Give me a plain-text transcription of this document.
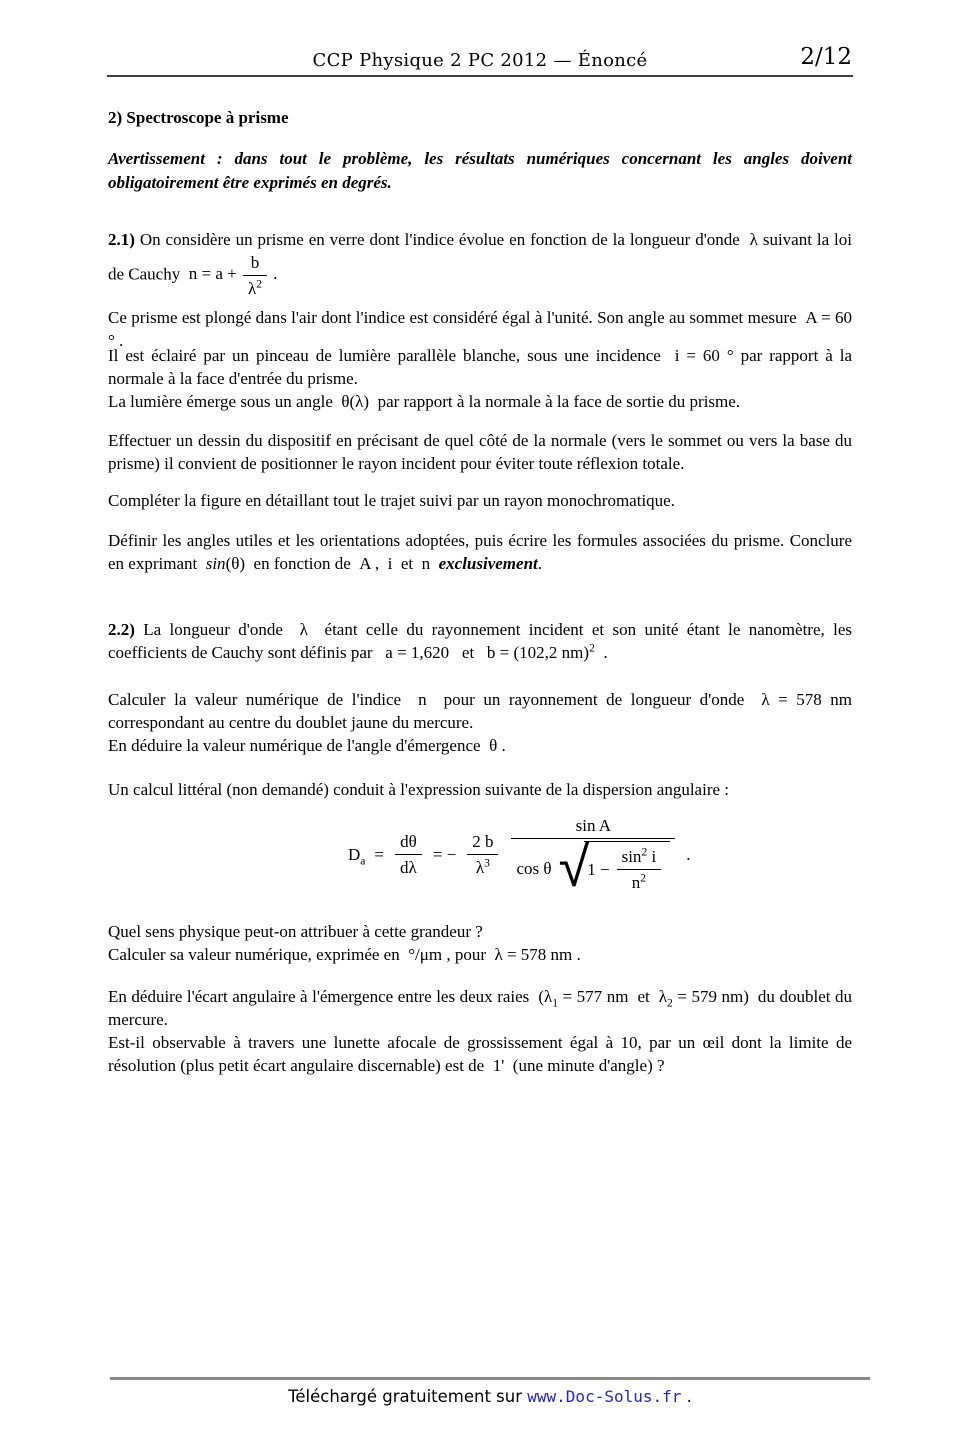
CCP Physique 2 PC 2012 — Énoncé	2/12
2) Spectroscope à prisme
Avertissement : dans tout le problème, les résultats numériques concernant les angles doivent obligatoirement être exprimés en degrés.
2.1) On considère un prisme en verre dont l'indice évolue en fonction de la longueur d'onde  λ suivant la loi de Cauchy  $n = a + \frac{b}{\lambda^2}$ .
Ce prisme est plongé dans l'air dont l'indice est considéré égal à l'unité. Son angle au sommet mesure  A = 60 ° .
Il est éclairé par un pinceau de lumière parallèle blanche, sous une incidence  i = 60 ° par rapport à la normale à la face d'entrée du prisme.
La lumière émerge sous un angle  θ(λ)  par rapport à la normale à la face de sortie du prisme.
Effectuer un dessin du dispositif en précisant de quel côté de la normale (vers le sommet ou vers la base du prisme) il convient de positionner le rayon incident pour éviter toute réflexion totale.
Compléter la figure en détaillant tout le trajet suivi par un rayon monochromatique.
Définir les angles utiles et les orientations adoptées, puis écrire les formules associées du prisme. Conclure en exprimant  sin(θ)  en fonction de  A ,  i  et  n  exclusivement.
2.2) La longueur d'onde  λ  étant celle du rayonnement incident et son unité étant le nanomètre, les coefficients de Cauchy sont définis par   a = 1,620   et   b = (102,2 nm)$^2$  .
Calculer la valeur numérique de l'indice  n  pour un rayonnement de longueur d'onde  λ = 578 nm correspondant au centre du doublet jaune du mercure.
En déduire la valeur numérique de l'angle d'émergence  θ .
Un calcul littéral (non demandé) conduit à l'expression suivante de la dispersion angulaire :
$D_a = \frac{d\theta}{d\lambda}$ = − $\frac{2 b}{\lambda^3}$
sin A
cos θ √
$1 - \frac{\sin^2 i}{n^2}$ .
Quel sens physique peut-on attribuer à cette grandeur ?
Calculer sa valeur numérique, exprimée en  °/μm , pour  λ = 578 nm .
En déduire l'écart angulaire à l'émergence entre les deux raies  ($\lambda_1 = 577$ nm  et  $\lambda_2 = 579$ nm)  du doublet du mercure.
Est-il observable à travers une lunette afocale de grossissement égal à 10, par un œil dont la limite de résolution (plus petit écart angulaire discernable) est de  1'  (une minute d'angle) ?
Téléchargé gratuitement sur www.Doc-Solus.fr .
